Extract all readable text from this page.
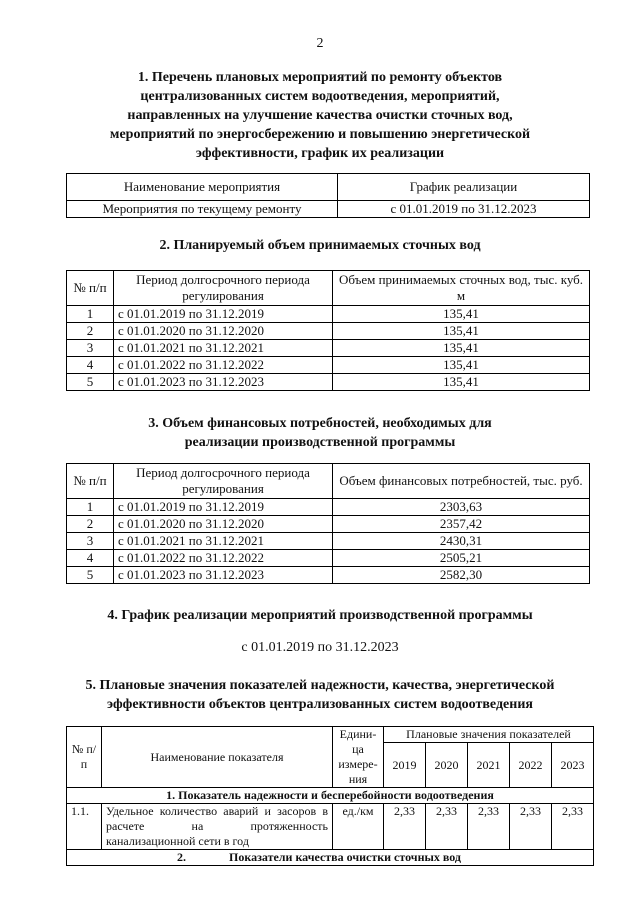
2
1. Перечень плановых мероприятий по ремонту объектов
централизованных систем водоотведения, мероприятий,
направленных на улучшение качества очистки сточных вод,
мероприятий по энергосбережению и повышению энергетической
эффективности, график их реализации
Наименование мероприятия	График реализации
Мероприятия по текущему ремонту	с 01.01.2019 по 31.12.2023
2. Планируемый объем принимаемых сточных вод
№ п/п	Период долгосрочного периода регулирования	Объем принимаемых сточных вод, тыс. куб. м
1	с 01.01.2019 по 31.12.2019	135,41
2	с 01.01.2020 по 31.12.2020	135,41
3	с 01.01.2021 по 31.12.2021	135,41
4	с 01.01.2022 по 31.12.2022	135,41
5	с 01.01.2023 по 31.12.2023	135,41
3. Объем финансовых потребностей, необходимых для
реализации производственной программы
№ п/п	Период долгосрочного периода регулирования	Объем финансовых потребностей, тыс. руб.
1	с 01.01.2019 по 31.12.2019	2303,63
2	с 01.01.2020 по 31.12.2020	2357,42
3	с 01.01.2021 по 31.12.2021	2430,31
4	с 01.01.2022 по 31.12.2022	2505,21
5	с 01.01.2023 по 31.12.2023	2582,30
4. График реализации мероприятий производственной программы
с 01.01.2019 по 31.12.2023
5. Плановые значения показателей надежности, качества, энергетической
эффективности объектов централизованных систем водоотведения
№ п/п	Наименование показателя	Едини- ца измере- ния	Плановые значения показателей				
			2019	2020	2021	2022	2023
1. Показатель надежности и бесперебойности водоотведения							
1.1.	Удельное количество аварий и засоров в расчете на протяженность канализационной сети в год	ед./км	2,33	2,33	2,33	2,33	2,33
2. Показатели качества очистки сточных вод							
